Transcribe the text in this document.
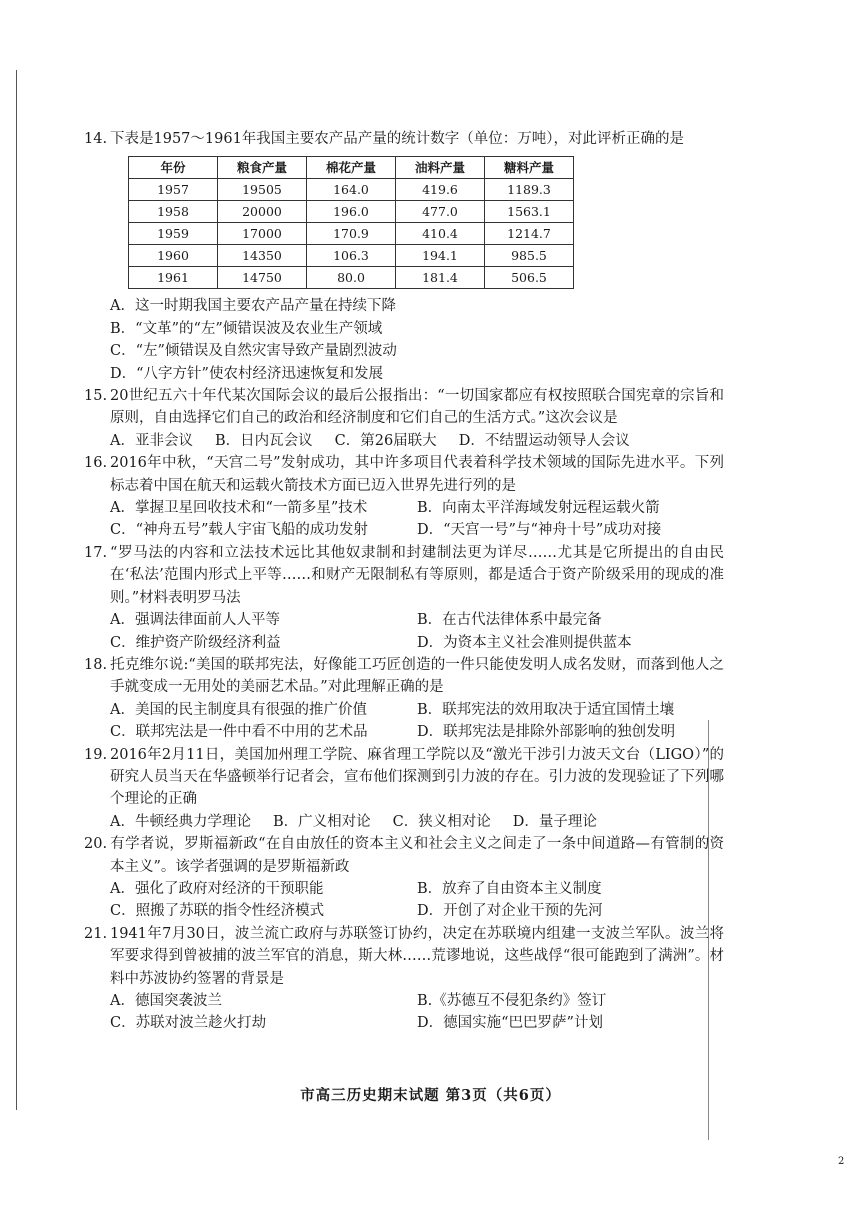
14. 下表是1957～1961年我国主要农产品产量的统计数字（单位：万吨），对此评析正确的是

年份	粮食产量	棉花产量	油料产量	糖料产量
1957	19505	164.0	419.6	1189.3
1958	20000	196.0	477.0	1563.1
1959	17000	170.9	410.4	1214.7
1960	14350	106.3	194.1	985.5
1961	14750	80.0	181.4	506.5
A．这一时期我国主要农产品产量在持续下降
B．“文革”的“左”倾错误波及农业生产领域
C．“左”倾错误及自然灾害导致产量剧烈波动
D．“八字方针”使农村经济迅速恢复和发展

15. 20世纪五六十年代某次国际会议的最后公报指出：“一切国家都应有权按照联合国宪章的宗旨和原则，自由选择它们自己的政治和经济制度和它们自己的生活方式。”这次会议是

A．亚非会议 B．日内瓦会议 C．第26届联大 D．不结盟运动领导人会议

16. 2016年中秋，“天宫二号”发射成功，其中许多项目代表着科学技术领域的国际先进水平。下列标志着中国在航天和运载火箭技术方面已迈入世界先进行列的是

A．掌握卫星回收技术和“一箭多星”技术	B．向南太平洋海域发射远程运载火箭
C．“神舟五号”载人宇宙飞船的成功发射	D．“天宫一号”与“神舟十号”成功对接

17. “罗马法的内容和立法技术远比其他奴隶制和封建制法更为详尽……尤其是它所提出的自由民在‘私法’范围内形式上平等……和财产无限制私有等原则，都是适合于资产阶级采用的现成的准则。”材料表明罗马法

A．强调法律面前人人平等	B．在古代法律体系中最完备
C．维护资产阶级经济利益	D．为资本主义社会准则提供蓝本

18. 托克维尔说:“美国的联邦宪法，好像能工巧匠创造的一件只能使发明人成名发财，而落到他人之手就变成一无用处的美丽艺术品。”对此理解正确的是

A．美国的民主制度具有很强的推广价值	B．联邦宪法的效用取决于适宜国情土壤
C．联邦宪法是一件中看不中用的艺术品	D．联邦宪法是排除外部影响的独创发明

19. 2016年2月11日，美国加州理工学院、麻省理工学院以及“激光干涉引力波天文台（LIGO）”的研究人员当天在华盛顿举行记者会，宣布他们探测到引力波的存在。引力波的发现验证了下列哪个理论的正确

A．牛顿经典力学理论 B．广义相对论 C．狭义相对论 D．量子理论

20. 有学者说，罗斯福新政“在自由放任的资本主义和社会主义之间走了一条中间道路—有管制的资本主义”。该学者强调的是罗斯福新政

A．强化了政府对经济的干预职能	B．放弃了自由资本主义制度
C．照搬了苏联的指令性经济模式	D．开创了对企业干预的先河

21. 1941年7月30日，波兰流亡政府与苏联签订协约，决定在苏联境内组建一支波兰军队。波兰将军要求得到曾被捕的波兰军官的消息，斯大林……荒谬地说，这些战俘“很可能跑到了满洲”。材料中苏波协约签署的背景是

A．德国突袭波兰	B.《苏德互不侵犯条约》签订
C．苏联对波兰趁火打劫	D．德国实施“巴巴罗萨”计划
市高三历史期末试题 第3页（共6页）
2
